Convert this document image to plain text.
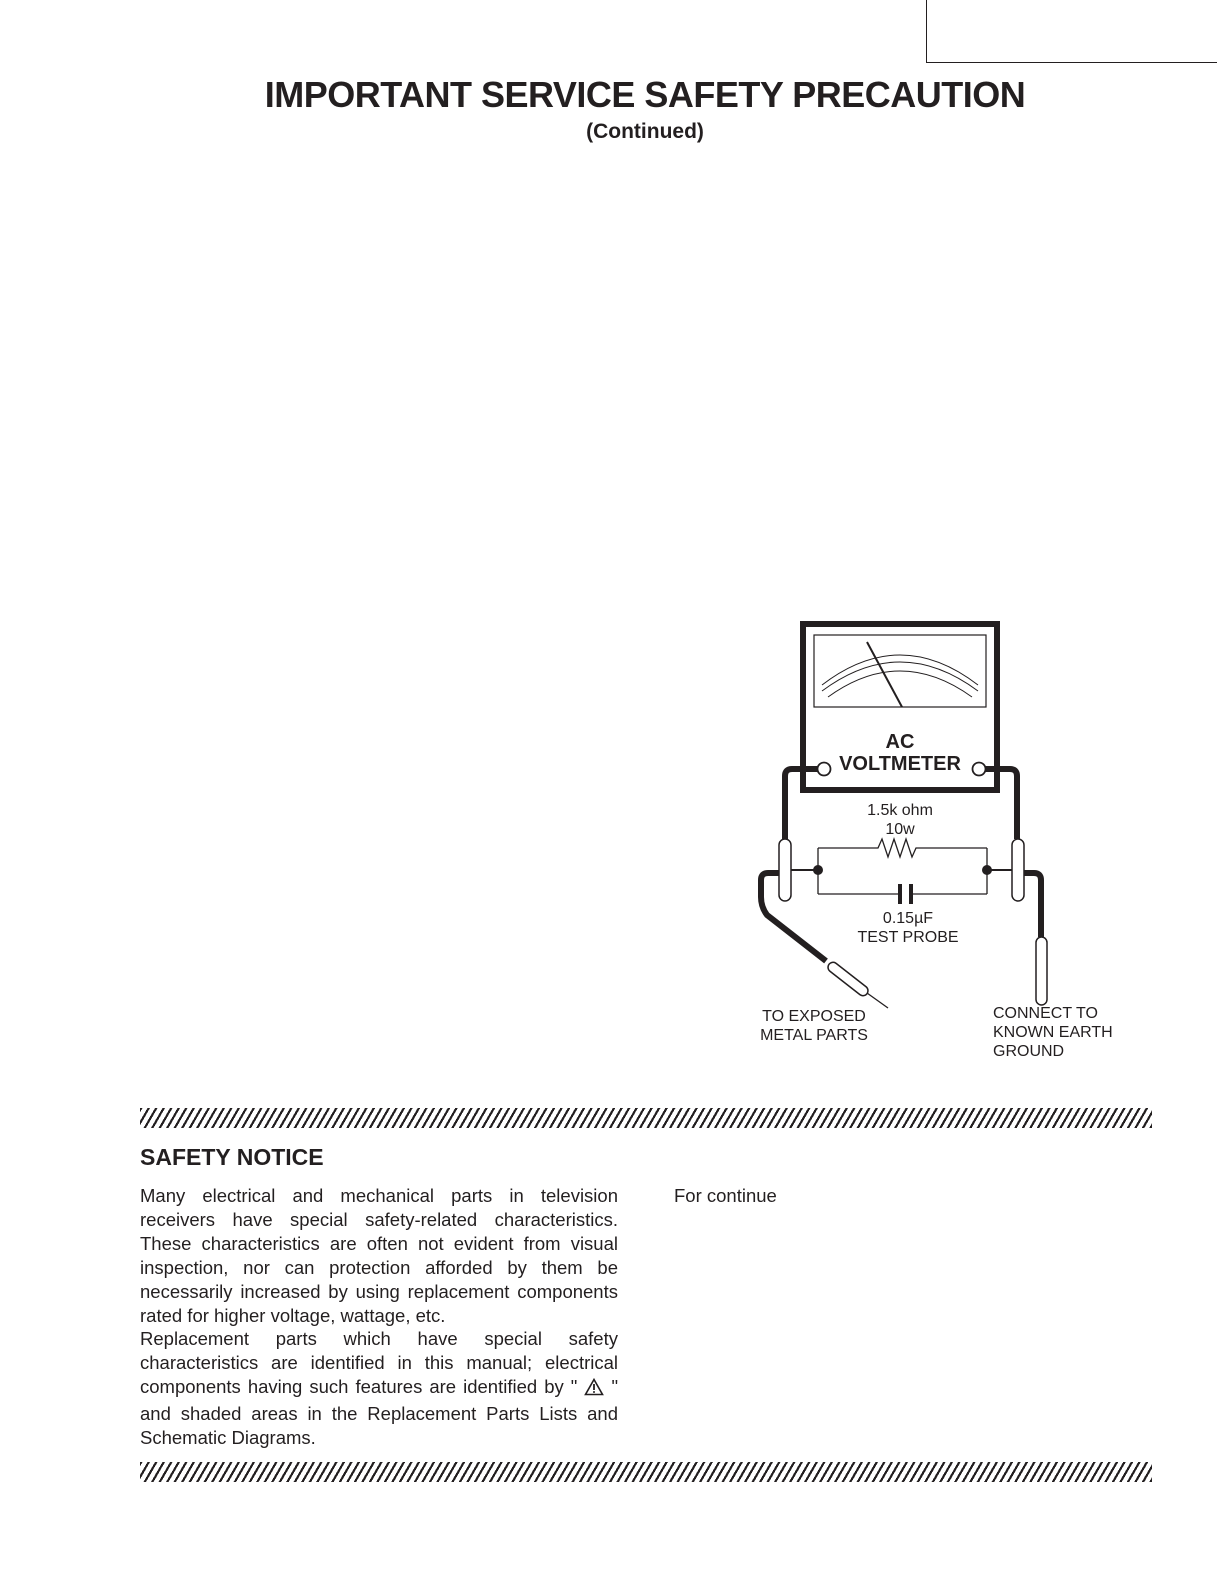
IMPORTANT SERVICE SAFETY PRECAUTION
(Continued)
AC
VOLTMETER
1.5k ohm
10w
0.15µF
TEST PROBE
TO EXPOSED
METAL PARTS
CONNECT TO
KNOWN EARTH
GROUND
SAFETY NOTICE

Many electrical and mechanical parts in television receivers have special safety-related characteristics. These characteristics are often not evident from visual inspection, nor can protection afforded by them be necessarily increased by using replacement components rated for higher voltage, wattage, etc.

Replacement parts which have special safety characteristics are identified in this manual; electrical components having such features are identified by " " and shaded areas in the Replacement Parts Lists and Schematic Diagrams.

For continue
